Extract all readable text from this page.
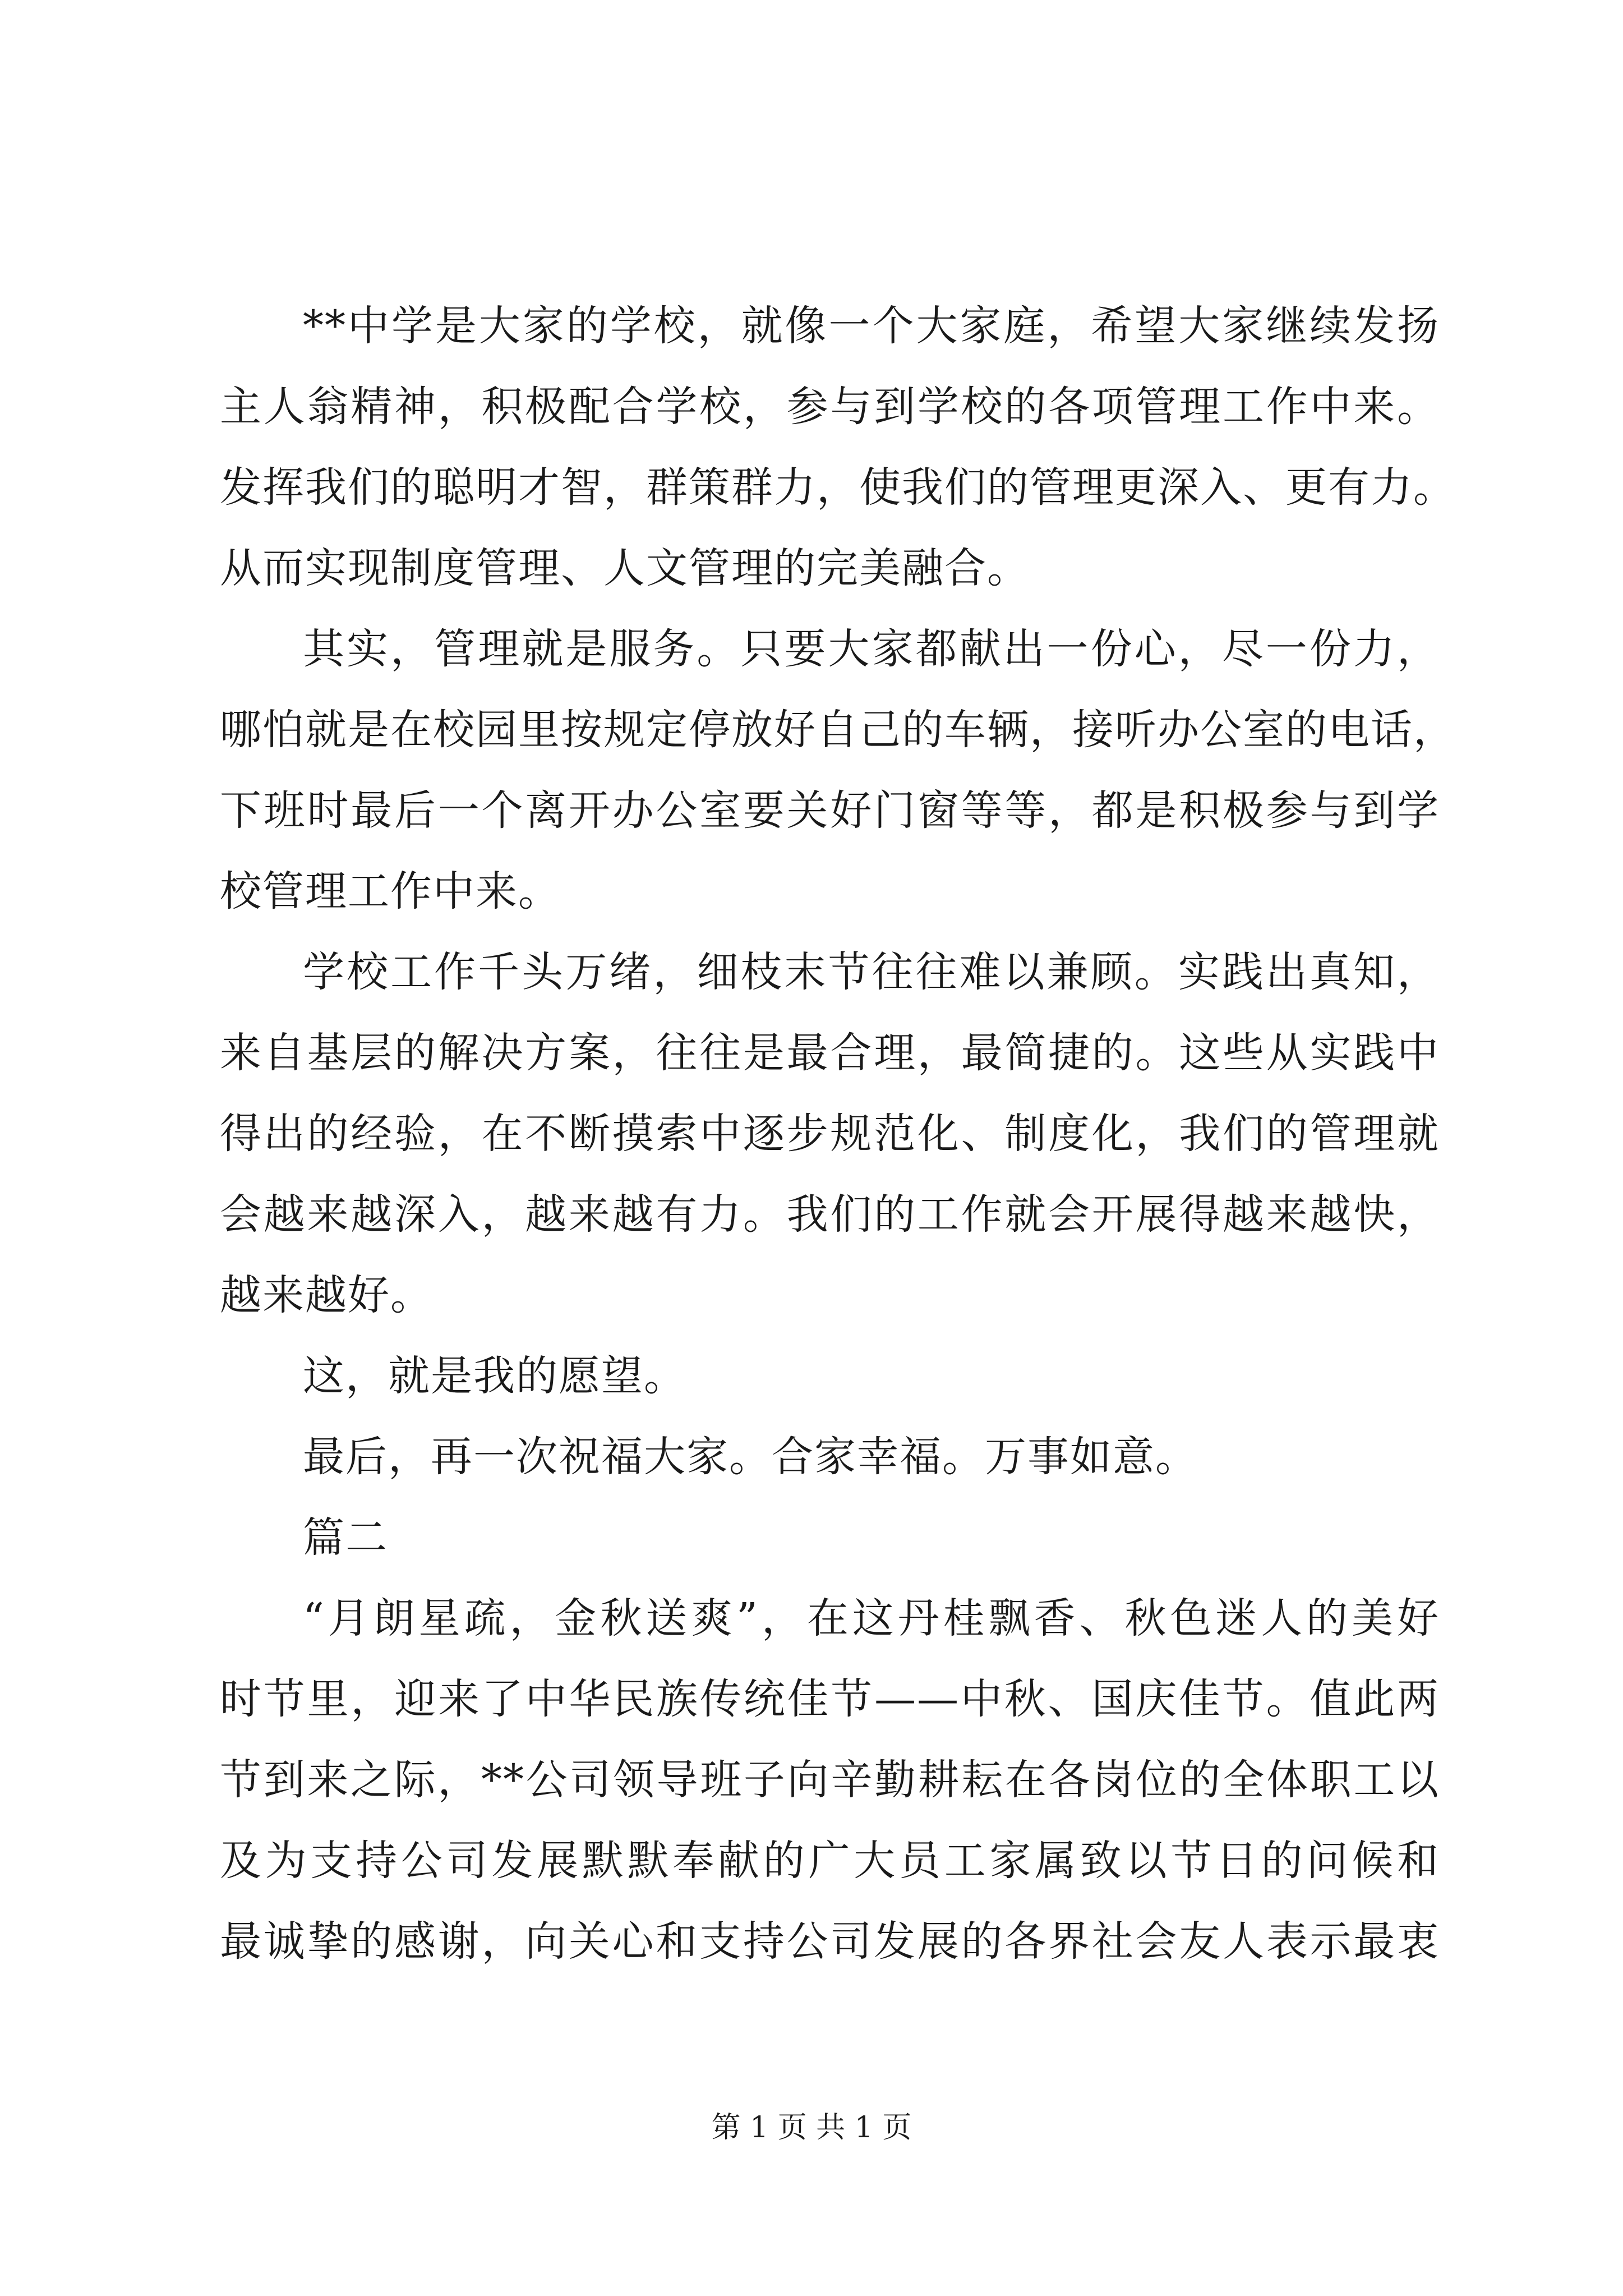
**中学是大家的学校，就像一个大家庭，希望大家继续发扬
主人翁精神，积极配合学校，参与到学校的各项管理工作中来。
发挥我们的聪明才智，群策群力，使我们的管理更深入、更有力。
从而实现制度管理、人文管理的完美融合。
其实，管理就是服务。只要大家都献出一份心，尽一份力，
哪怕就是在校园里按规定停放好自己的车辆，接听办公室的电话，
下班时最后一个离开办公室要关好门窗等等，都是积极参与到学
校管理工作中来。
学校工作千头万绪，细枝末节往往难以兼顾。实践出真知，
来自基层的解决方案，往往是最合理，最简捷的。这些从实践中
得出的经验，在不断摸索中逐步规范化、制度化，我们的管理就
会越来越深入，越来越有力。我们的工作就会开展得越来越快，
越来越好。
这，就是我的愿望。
最后，再一次祝福大家。合家幸福。万事如意。
篇二
“月朗星疏，金秋送爽”，在这丹桂飘香、秋色迷人的美好
时节里，迎来了中华民族传统佳节——中秋、国庆佳节。值此两
节到来之际，**公司领导班子向辛勤耕耘在各岗位的全体职工以
及为支持公司发展默默奉献的广大员工家属致以节日的问候和
最诚挚的感谢，向关心和支持公司发展的各界社会友人表示最衷
第 1 页 共 1 页
